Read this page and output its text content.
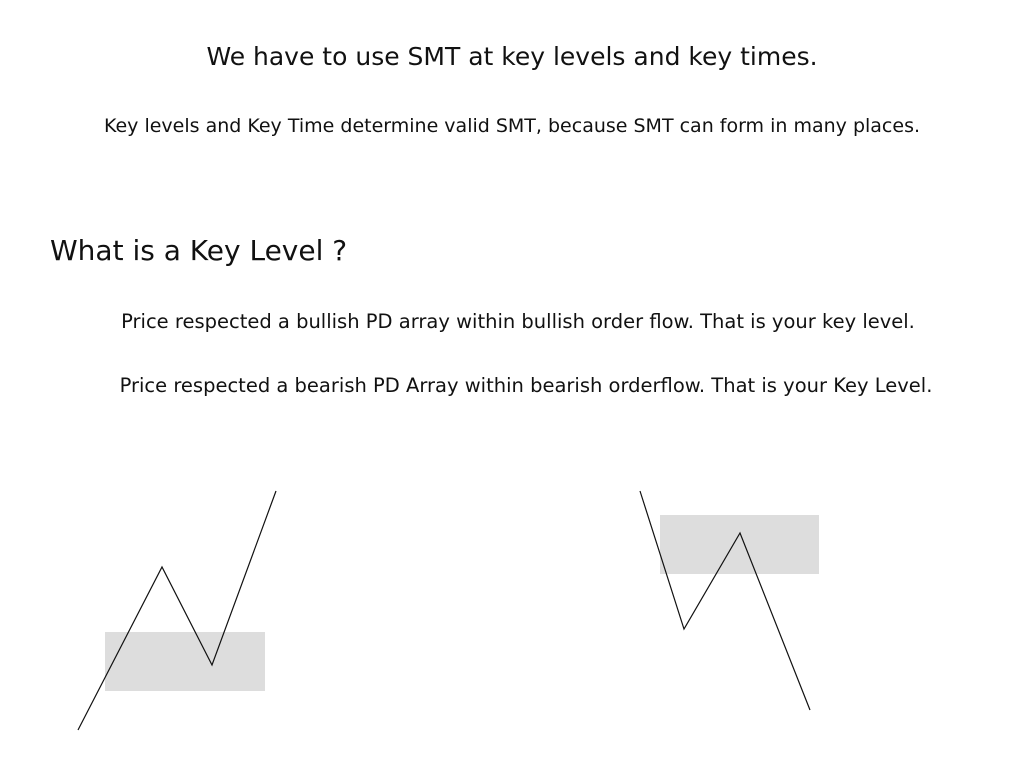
We have to use SMT at key levels and key times.

Key levels and Key Time determine valid SMT, because SMT can form in many places.

What is a Key Level ?

Price respected a bullish PD array within bullish order flow. That is your key level.

Price respected a bearish PD Array within bearish orderflow. That is your Key Level.
